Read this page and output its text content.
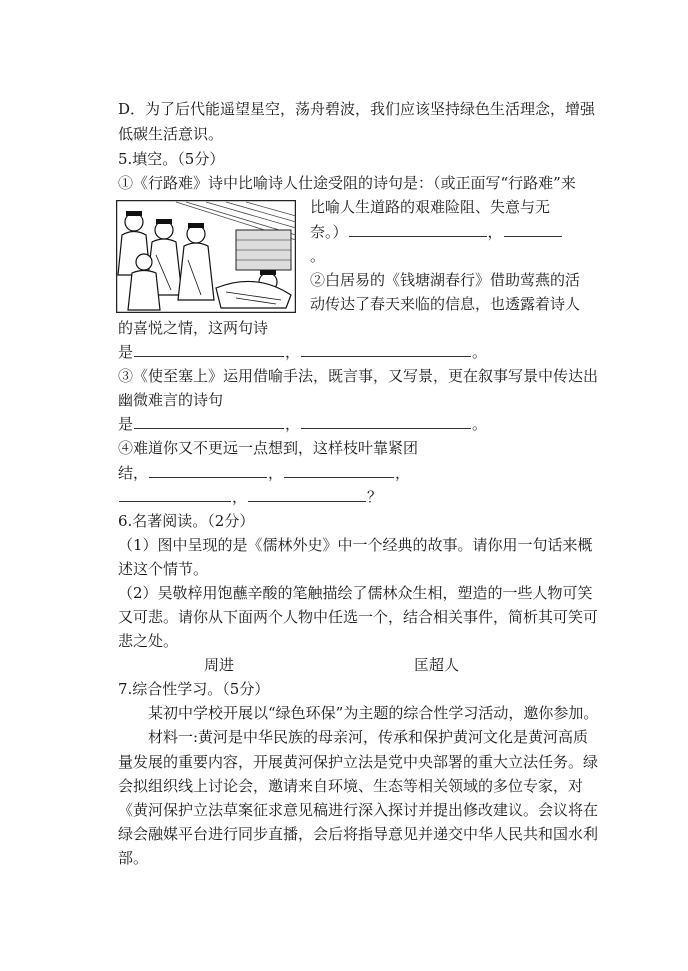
D．为了后代能遥望星空，荡舟碧波，我们应该坚持绿色生活理念，增强
低碳生活意识。
5.填空。（5分）
①《行路难》诗中比喻诗人仕途受阻的诗句是：（或正面写“行路难”来
比喻人生道路的艰难险阻、失意与无
奈。）	，
。
②白居易的《钱塘湖春行》借助莺燕的活
动传达了春天来临的信息，也透露着诗人
的喜悦之情，这两句诗
是	，	。
③《使至塞上》运用借喻手法，既言事，又写景，更在叙事写景中传达出
幽微难言的诗句
是	，	。
④难道你又不更远一点想到，这样枝叶靠紧团
结，	，	，
，	？
6.名著阅读。（2分）
（1）图中呈现的是《儒林外史》中一个经典的故事。请你用一句话来概
述这个情节。
（2）吴敬梓用饱蘸辛酸的笔触描绘了儒林众生相，塑造的一些人物可笑
又可悲。请你从下面两个人物中任选一个，结合相关事件，简析其可笑可
悲之处。
周进	匡超人
7.综合性学习。（5分）
某初中学校开展以“绿色环保”为主题的综合性学习活动，邀你参加。
材料一:黄河是中华民族的母亲河，传承和保护黄河文化是黄河高质
量发展的重要内容，开展黄河保护立法是党中央部署的重大立法任务。绿
会拟组织线上讨论会，邀请来自环境、生态等相关领域的多位专家，对
《黄河保护立法草案征求意见稿进行深入探讨并提出修改建议。会议将在
绿会融媒平台进行同步直播，会后将指导意见并递交中华人民共和国水利
部。
